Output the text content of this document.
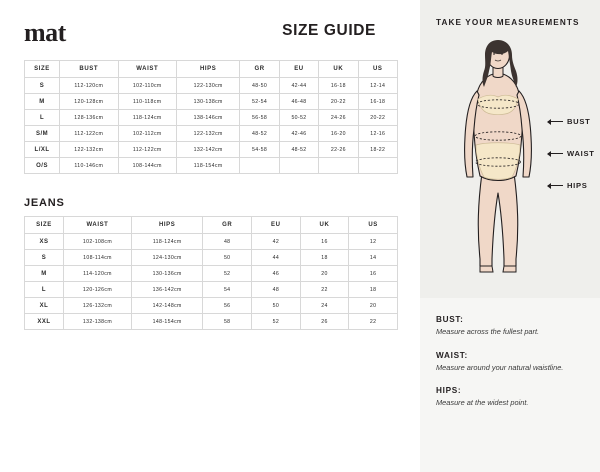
mat	SIZE GUIDE
SIZE	BUST	WAIST	HIPS	GR	EU	UK	US
S	112-120cm	102-110cm	122-130cm	48-50	42-44	16-18	12-14
M	120-128cm	110-118cm	130-138cm	52-54	46-48	20-22	16-18
L	128-136cm	118-124cm	138-146cm	56-58	50-52	24-26	20-22
S/M	112-122cm	102-112cm	122-132cm	48-52	42-46	16-20	12-16
L/XL	122-132cm	112-122cm	132-142cm	54-58	48-52	22-26	18-22
O/S	110-146cm	108-144cm	118-154cm				
JEANS
SIZE	WAIST	HIPS	GR	EU	UK	US
XS	102-108cm	118-124cm	48	42	16	12
S	108-114cm	124-130cm	50	44	18	14
M	114-120cm	130-136cm	52	46	20	16
L	120-126cm	136-142cm	54	48	22	18
XL	126-132cm	142-148cm	56	50	24	20
XXL	132-138cm	148-154cm	58	52	26	22
TAKE YOUR MEASUREMENTS
BUST
WAIST
HIPS
BUST:
Measure across the fullest part.
WAIST:
Measure around your natural waistline.
HIPS:
Measure at the widest point.
